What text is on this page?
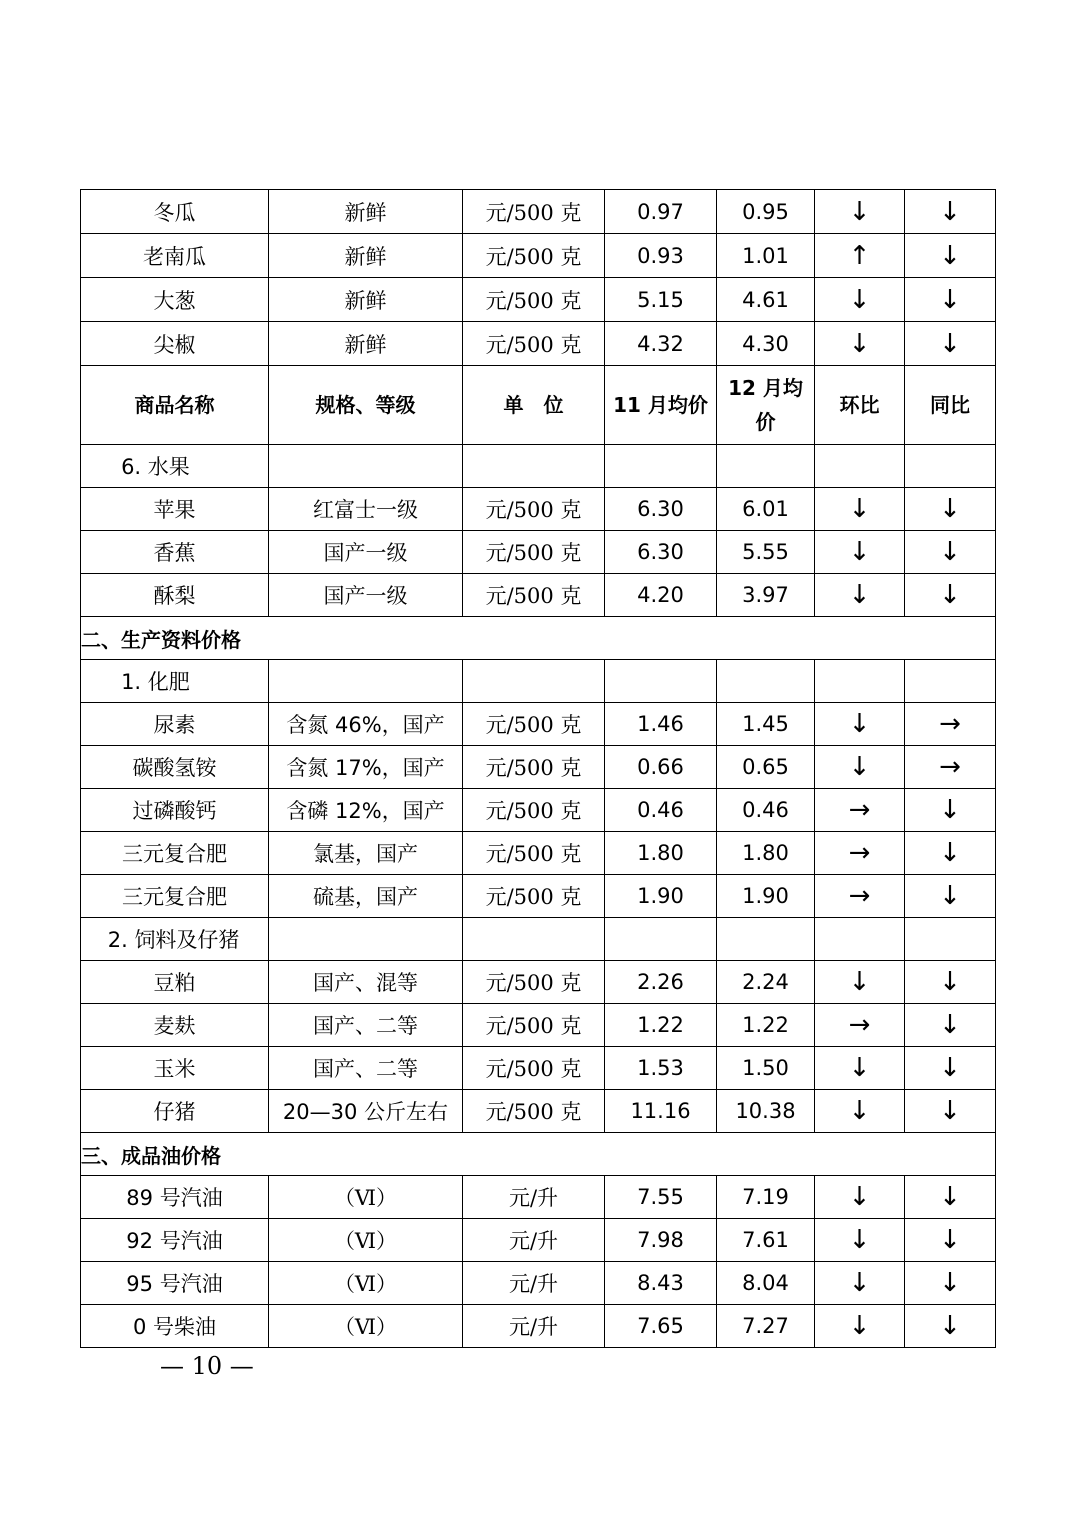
冬瓜	新鲜	元/500 克	0.97	0.95	↓	↓
老南瓜	新鲜	元/500 克	0.93	1.01	↑	↓
大葱	新鲜	元/500 克	5.15	4.61	↓	↓
尖椒	新鲜	元/500 克	4.32	4.30	↓	↓
商品名称	规格、等级	单　位	11 月均价	12 月均价	环比	同比
6. 水果						
苹果	红富士一级	元/500 克	6.30	6.01	↓	↓
香蕉	国产一级	元/500 克	6.30	5.55	↓	↓
酥梨	国产一级	元/500 克	4.20	3.97	↓	↓
二、生产资料价格						
1. 化肥						
尿素	含氮 46%，国产	元/500 克	1.46	1.45	↓	→
碳酸氢铵	含氮 17%，国产	元/500 克	0.66	0.65	↓	→
过磷酸钙	含磷 12%，国产	元/500 克	0.46	0.46	→	↓
三元复合肥	氯基，国产	元/500 克	1.80	1.80	→	↓
三元复合肥	硫基，国产	元/500 克	1.90	1.90	→	↓
2. 饲料及仔猪						
豆粕	国产、混等	元/500 克	2.26	2.24	↓	↓
麦麸	国产、二等	元/500 克	1.22	1.22	→	↓
玉米	国产、二等	元/500 克	1.53	1.50	↓	↓
仔猪	20—30 公斤左右	元/500 克	11.16	10.38	↓	↓
三、成品油价格						
89 号汽油	（Ⅵ）	元/升	7.55	7.19	↓	↓
92 号汽油	（Ⅵ）	元/升	7.98	7.61	↓	↓
95 号汽油	（Ⅵ）	元/升	8.43	8.04	↓	↓
0 号柴油	（Ⅵ）	元/升	7.65	7.27	↓	↓
— 10 —
